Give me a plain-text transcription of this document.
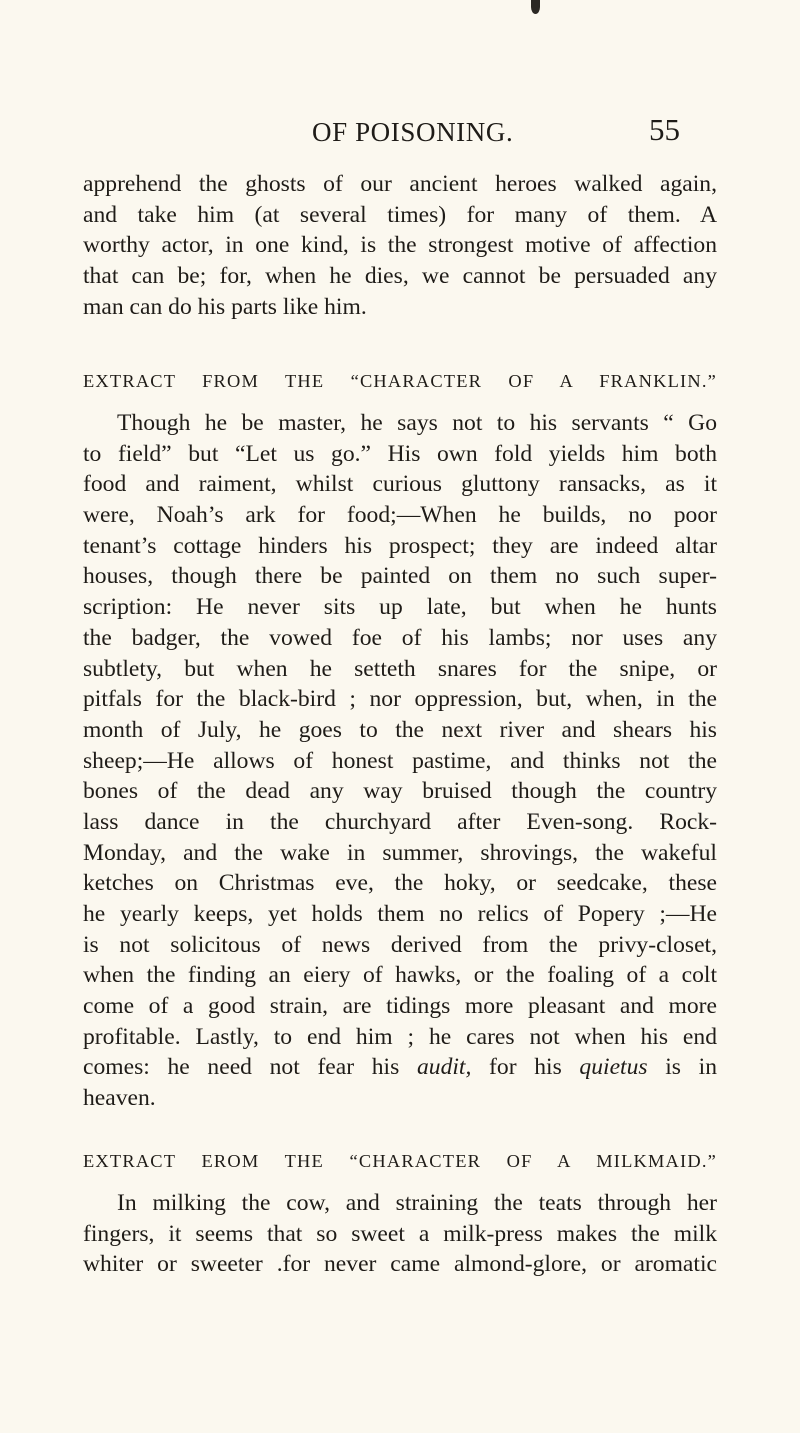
OF POISONING.	55
apprehend the ghosts of our ancient heroes walked again,
and take him (at several times) for many of them. A
worthy actor, in one kind, is the strongest motive of affection
that can be; for, when he dies, we cannot be persuaded any
man can do his parts like him.
EXTRACT FROM THE “CHARACTER OF A FRANKLIN.”
Though he be master, he says not to his servants “ Go
to field” but “Let us go.” His own fold yields him both
food and raiment, whilst curious gluttony ransacks, as it
were, Noah’s ark for food;—When he builds, no poor
tenant’s cottage hinders his prospect; they are indeed altar
houses, though there be painted on them no such super-
scription: He never sits up late, but when he hunts
the badger, the vowed foe of his lambs; nor uses any
subtlety, but when he setteth snares for the snipe, or
pitfals for the black-bird ; nor oppression, but, when, in the
month of July, he goes to the next river and shears his
sheep;—He allows of honest pastime, and thinks not the
bones of the dead any way bruised though the country
lass dance in the churchyard after Even-song. Rock-
Monday, and the wake in summer, shrovings, the wakeful
ketches on Christmas eve, the hoky, or seedcake, these
he yearly keeps, yet holds them no relics of Popery ;—He
is not solicitous of news derived from the privy-closet,
when the finding an eiery of hawks, or the foaling of a colt
come of a good strain, are tidings more pleasant and more
profitable. Lastly, to end him ; he cares not when his end
comes: he need not fear his audit, for his quietus is in
heaven.
EXTRACT EROM THE “CHARACTER OF A MILKMAID.”
In milking the cow, and straining the teats through her
fingers, it seems that so sweet a milk-press makes the milk
whiter or sweeter .for never came almond-glore, or aromatic
